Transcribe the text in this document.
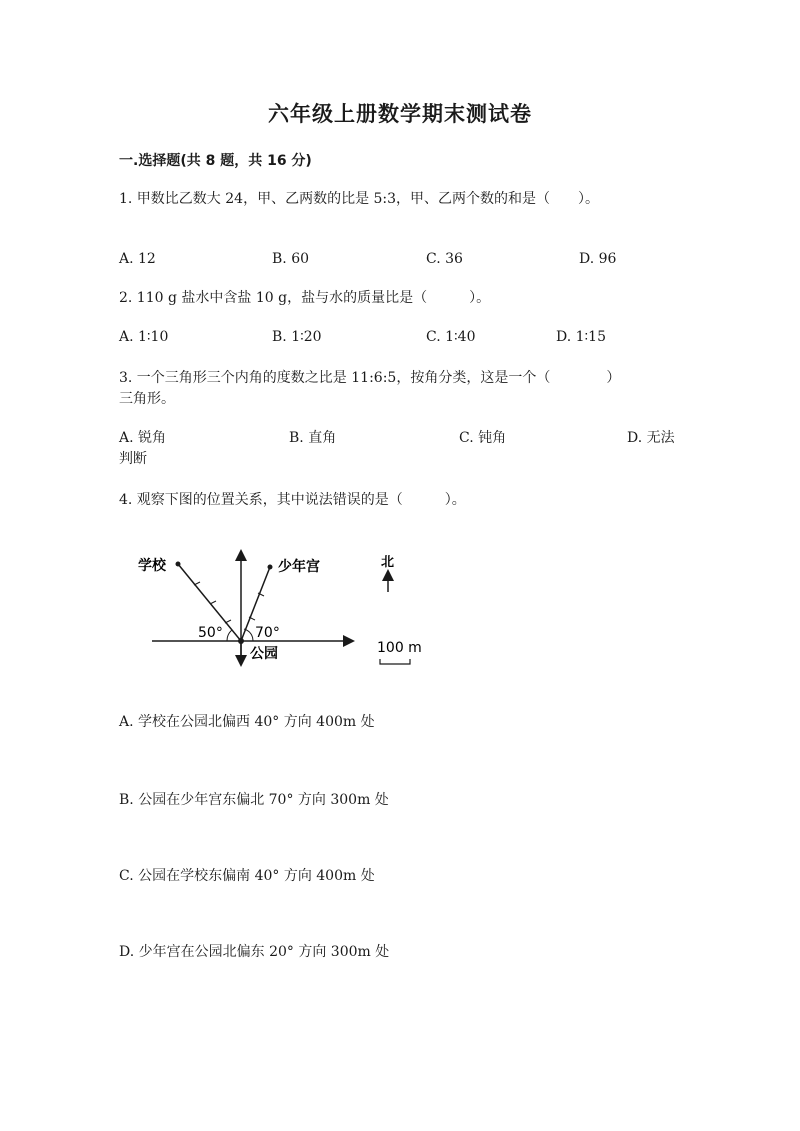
六年级上册数学期末测试卷
一.选择题(共 8 题，共 16 分)
1. 甲数比乙数大 24，甲、乙两数的比是 5:3，甲、乙两个数的和是（　　）。
A. 12	B. 60	C. 36	D. 96
2. 110 g 盐水中含盐 10 g，盐与水的质量比是（　　　）。
A. 1∶10	B. 1∶20	C. 1∶40	D. 1∶15
3. 一个三角形三个内角的度数之比是 11:6:5，按角分类，这是一个（　　　　）
三角形。
A. 锐角	B. 直角	C. 钝角	D. 无法
判断
4. 观察下图的位置关系，其中说法错误的是（　　　）。
学校	少年宫
50° 70°
公园
北
100 m
A. 学校在公园北偏西 40° 方向 400m 处
B. 公园在少年宫东偏北 70° 方向 300m 处
C. 公园在学校东偏南 40° 方向 400m 处
D. 少年宫在公园北偏东 20° 方向 300m 处
